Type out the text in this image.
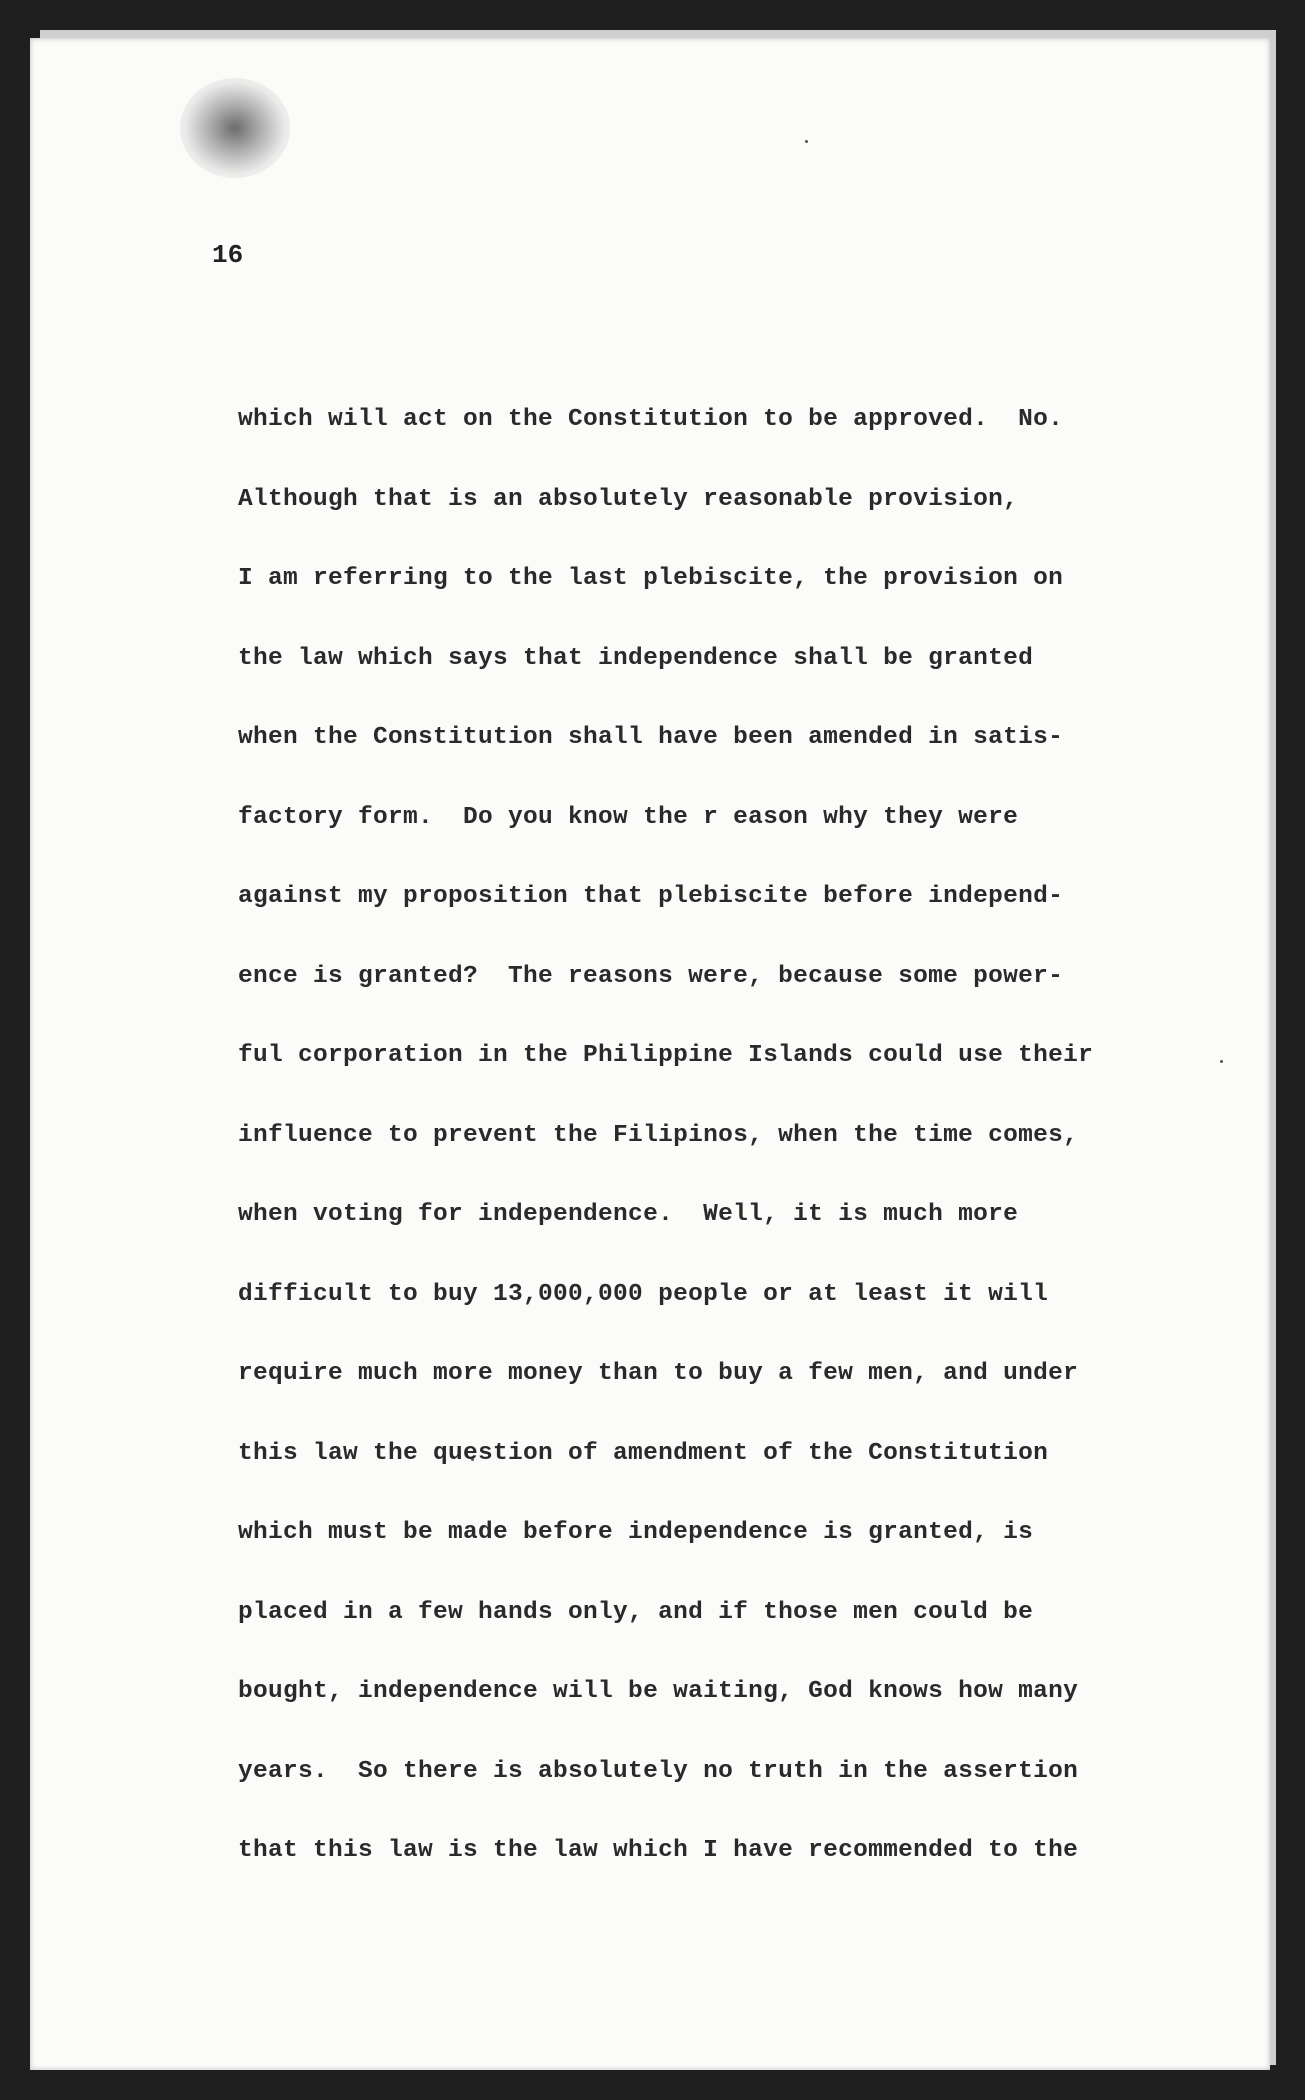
16
which will act on the Constitution to be approved.  No.
Although that is an absolutely reasonable provision,
I am referring to the last plebiscite, the provision on
the law which says that independence shall be granted
when the Constitution shall have been amended in satis-
factory form.  Do you know the r eason why they were
against my proposition that plebiscite before independ-
ence is granted?  The reasons were, because some power-
ful corporation in the Philippine Islands could use their
influence to prevent the Filipinos, when the time comes,
when voting for independence.  Well, it is much more
difficult to buy 13,000,000 people or at least it will
require much more money than to buy a few men, and under
this law the question of amendment of the Constitution
which must be made before independence is granted, is
placed in a few hands only, and if those men could be
bought, independence will be waiting, God knows how many
years.  So there is absolutely no truth in the assertion
that this law is the law which I have recommended to the
